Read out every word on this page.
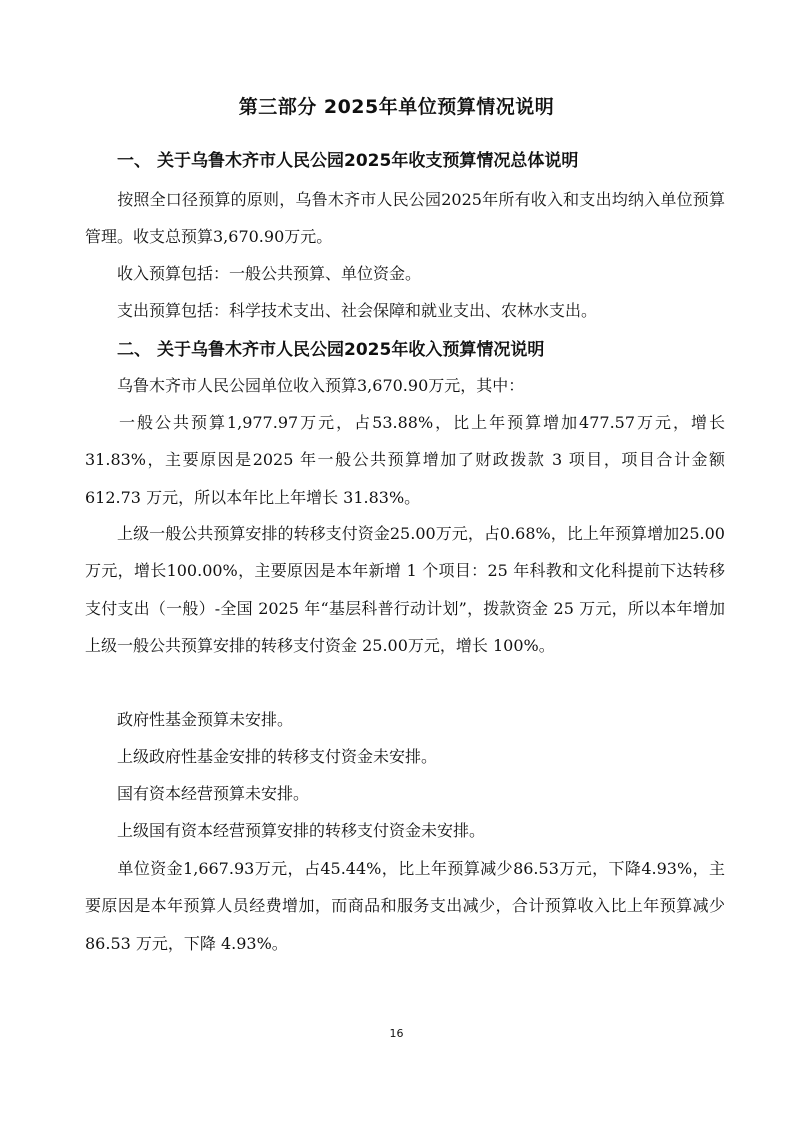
第三部分 2025年单位预算情况说明
一、 关于乌鲁木齐市人民公园2025年收支预算情况总体说明

按照全口径预算的原则，乌鲁木齐市人民公园2025年所有收入和支出均纳入单位预算管理。收支总预算3,670.90万元。

收入预算包括：一般公共预算、单位资金。

支出预算包括：科学技术支出、社会保障和就业支出、农林水支出。

二、 关于乌鲁木齐市人民公园2025年收入预算情况说明

乌鲁木齐市人民公园单位收入预算3,670.90万元，其中：

一般公共预算1,977.97万元，占53.88%，比上年预算增加477.57万元，增长31.83%，主要原因是2025 年一般公共预算增加了财政拨款 3 项目，项目合计金额 612.73 万元，所以本年比上年增长 31.83%。

上级一般公共预算安排的转移支付资金25.00万元，占0.68%，比上年预算增加25.00万元，增长100.00%，主要原因是本年新增 1 个项目：25 年科教和文化科提前下达转移支付支出（一般）-全国 2025 年“基层科普行动计划”，拨款资金 25 万元，所以本年增加上级一般公共预算安排的转移支付资金 25.00万元，增长 100%。

政府性基金预算未安排。

上级政府性基金安排的转移支付资金未安排。

国有资本经营预算未安排。

上级国有资本经营预算安排的转移支付资金未安排。

单位资金1,667.93万元，占45.44%，比上年预算减少86.53万元，下降4.93%，主要原因是本年预算人员经费增加，而商品和服务支出减少，合计预算收入比上年预算减少 86.53 万元，下降 4.93%。

16
